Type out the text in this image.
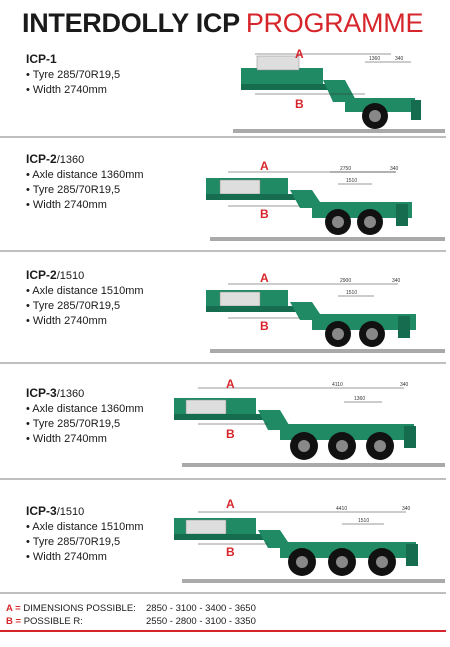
INTERDOLLY ICP PROGRAMME
ICP-1
• Tyre 285/70R19,5
• Width 2740mm
A
B
1360	340
ICP-2/1360
• Axle distance 1360mm
• Tyre 285/70R19,5
• Width 2740mm
A
B
2750	340
1510
ICP-2/1510
• Axle distance 1510mm
• Tyre 285/70R19,5
• Width 2740mm
A
B
2900	340
1510
ICP-3/1360
• Axle distance 1360mm
• Tyre 285/70R19,5
• Width 2740mm
A
B
4110	340
1360
ICP-3/1510
• Axle distance 1510mm
• Tyre 285/70R19,5
• Width 2740mm
A
B
4410	340
1510
A = DIMENSIONS POSSIBLE: 2850 - 3100 - 3400 - 3650
B = POSSIBLE R:	2550 - 2800 - 3100 - 3350
